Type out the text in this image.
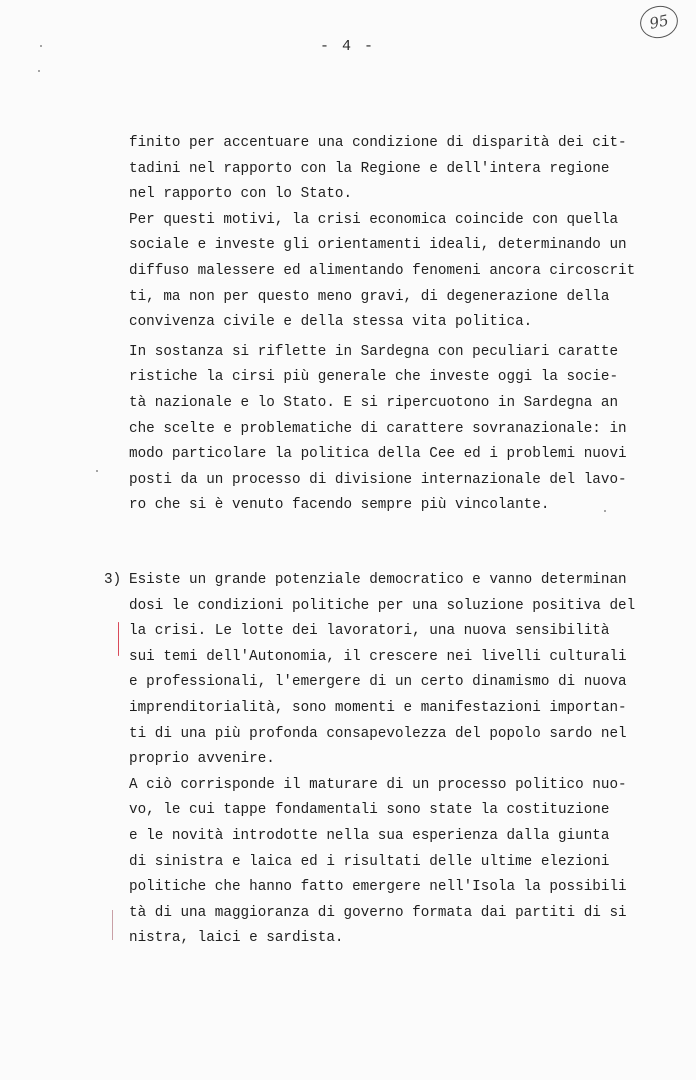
95
- 4 -
finito per accentuare una condizione di disparità dei cit-
tadini nel rapporto con la Regione e dell'intera regione
nel rapporto con lo Stato.
Per questi motivi, la crisi economica coincide con quella
sociale e investe gli orientamenti ideali, determinando un
diffuso malessere ed alimentando fenomeni ancora circoscrit
ti, ma non per questo meno gravi, di degenerazione della
convivenza civile e della stessa vita politica.
In sostanza si riflette in Sardegna con peculiari caratte
ristiche la cirsi più generale che investe oggi la socie-
tà nazionale e lo Stato. E si ripercuotono in Sardegna an
che scelte e problematiche di carattere sovranazionale: in
modo particolare la politica della Cee ed i problemi nuovi
posti da un processo di divisione internazionale del lavo-
ro che si è venuto facendo sempre più vincolante.
3) Esiste un grande potenziale democratico e vanno determinan
dosi le condizioni politiche per una soluzione positiva del
la crisi. Le lotte dei lavoratori, una nuova sensibilità
sui temi dell'Autonomia, il crescere nei livelli culturali
e professionali, l'emergere di un certo dinamismo di nuova
imprenditorialità, sono momenti e manifestazioni importan-
ti di una più profonda consapevolezza del popolo sardo nel
proprio avvenire.
A ciò corrisponde il maturare di un processo politico nuo-
vo, le cui tappe fondamentali sono state la costituzione
e le novità introdotte nella sua esperienza dalla giunta
di sinistra e laica ed i risultati delle ultime elezioni
politiche che hanno fatto emergere nell'Isola la possibili
tà di una maggioranza di governo formata dai partiti di si
nistra, laici e sardista.
